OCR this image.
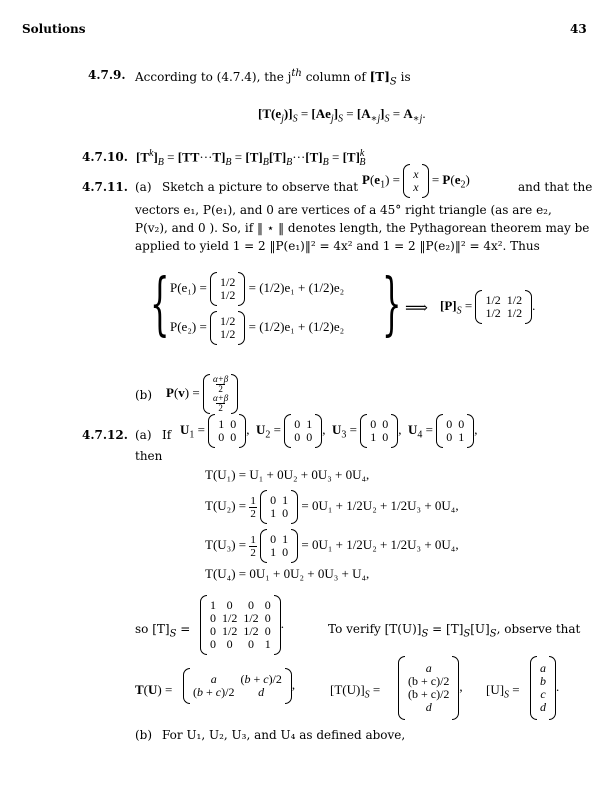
Solutions	43
4.7.9. According to (4.7.4), the $j^{th}$ column of $[T]_S$ is
$[T(e_j)]_S = [Ae_j]_S = [A_{∗j}]_S = A_{∗j}$.
4.7.10. $[T^k]_B = [TT\cdot\cdot\cdot T]_B = [T]_B[T]_B\cdot\cdot\cdot[T]_B = [T]^k_B$
4.7.11. (a) Sketch a picture to observe that
$P(e_1) = x$
$x = P(e_2)$
and that the
vectors e₁, P(e₁), and 0 are vertices of a 45° right triangle (as are e₂,
P(v₂), and 0 ). So, if ‖ ⋆ ‖ denotes length, the Pythagorean theorem may be
applied to yield 1 = 2 ‖P(e₁)‖² = 4x² and 1 = 2 ‖P(e₂)‖² = 4x². Thus
{ P(e₁) = 1/2
1/2 = (1/2)e₁ + (1/2)e₂
P(e₂) = 1/2
1/2 = (1/2)e₁ + (1/2)e₂ } ⟹ $[P]_S = 1/2$	1/2
1/2	1/2.
(b) P(v) = α+β
2
α+β
2
4.7.12. (a) If $U_1 = 1$	0
0	0,  $U_2 = 0$	1
0	0,  $U_3 = 0$	0
1	0,  $U_4 = 0$	0
0	1,
then
T(U₁) = U₁ + 0U₂ + 0U₃ + 0U₄,
$T(U_2) = \frac{1}{2} 0$	1
1	0 = 0U₁ + 1/2U₂ + 1/2U₃ + 0U₄,
$T(U_3) = \frac{1}{2} 0$	1
1	0 = 0U₁ + 1/2U₂ + 1/2U₃ + 0U₄,
T(U₄) = 0U₁ + 0U₂ + 0U₃ + U₄,
so $[T]_S$ =
1	0	0	0
0	1/2	1/2	0
0	1/2	1/2	0
0	0	0	1.	To verify $[T(U)]_S = [T]_S[U]_S$, observe that
T(U) =
a	(b + c)/2
(b + c)/2	d,	$[T(U)]_S$ =
a
(b + c)/2
(b + c)/2
d, $[U]_S$ =
a
b
c
d.
(b) For U₁, U₂, U₃, and U₄ as defined above,
